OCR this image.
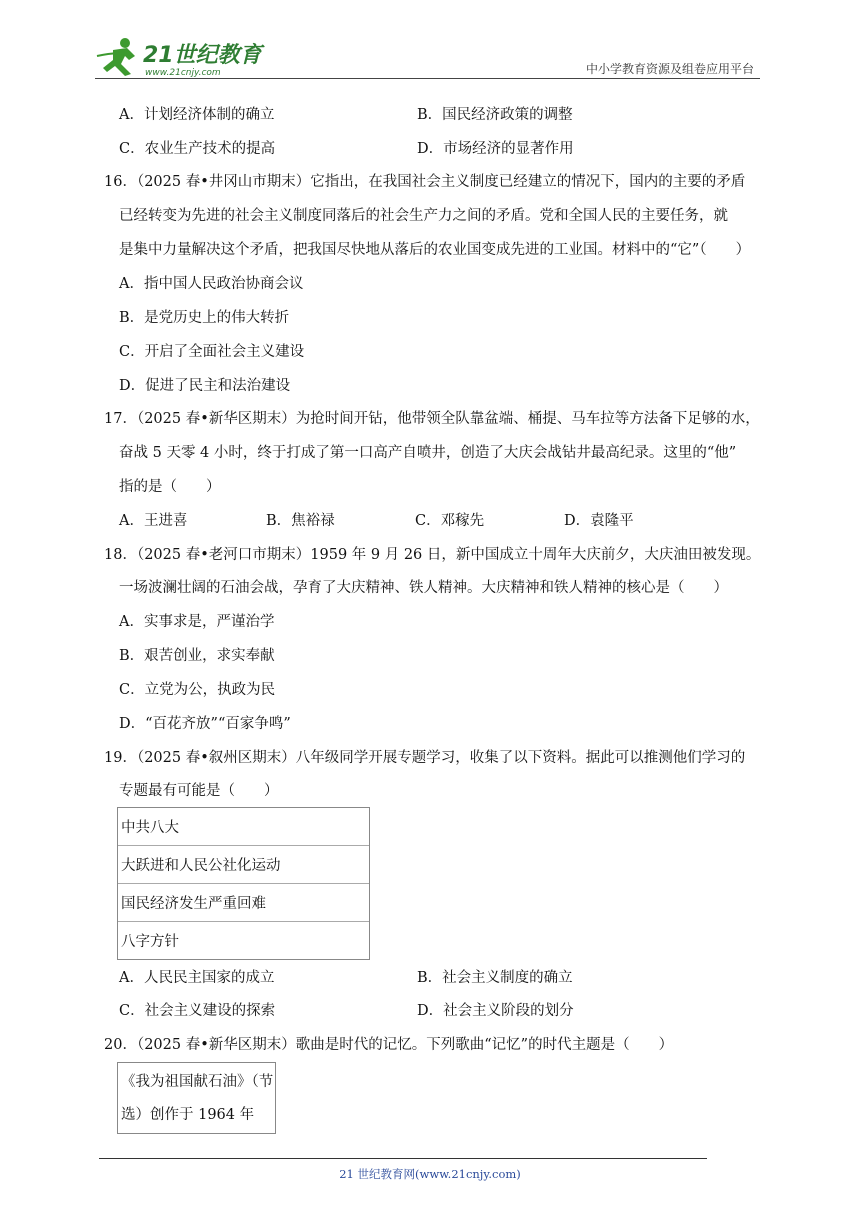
21世纪教育
www.21cnjy.com	中小学教育资源及组卷应用平台
A．计划经济体制的确立	B．国民经济政策的调整
C．农业生产技术的提高	D．市场经济的显著作用
16．（2025 春•井冈山市期末）它指出，在我国社会主义制度已经建立的情况下，国内的主要的矛盾
已经转变为先进的社会主义制度同落后的社会生产力之间的矛盾。党和全国人民的主要任务，就
是集中力量解决这个矛盾，把我国尽快地从落后的农业国变成先进的工业国。材料中的“它”（　　）
A．指中国人民政治协商会议
B．是党历史上的伟大转折
C．开启了全面社会主义建设
D．促进了民主和法治建设
17．（2025 春•新华区期末）为抢时间开钻，他带领全队靠盆端、桶提、马车拉等方法备下足够的水，
奋战 5 天零 4 小时，终于打成了第一口高产自喷井，创造了大庆会战钻井最高纪录。这里的“他”
指的是（　　）
A．王进喜	B．焦裕禄	C．邓稼先	D．袁隆平
18．（2025 春•老河口市期末）1959 年 9 月 26 日，新中国成立十周年大庆前夕，大庆油田被发现。
一场波澜壮阔的石油会战，孕育了大庆精神、铁人精神。大庆精神和铁人精神的核心是（　　）
A．实事求是，严谨治学
B．艰苦创业，求实奉献
C．立党为公，执政为民
D．“百花齐放”“百家争鸣”
19．（2025 春•叙州区期末）八年级同学开展专题学习，收集了以下资料。据此可以推测他们学习的
专题最有可能是（　　）
中共八大
大跃进和人民公社化运动
国民经济发生严重回难
八字方针
A．人民民主国家的成立	B．社会主义制度的确立
C．社会主义建设的探索	D．社会主义阶段的划分
20．（2025 春•新华区期末）歌曲是时代的记忆。下列歌曲“记忆”的时代主题是（　　）
《我为祖国献石油》（节
选）创作于 1964 年
21 世纪教育网(www.21cnjy.com)
